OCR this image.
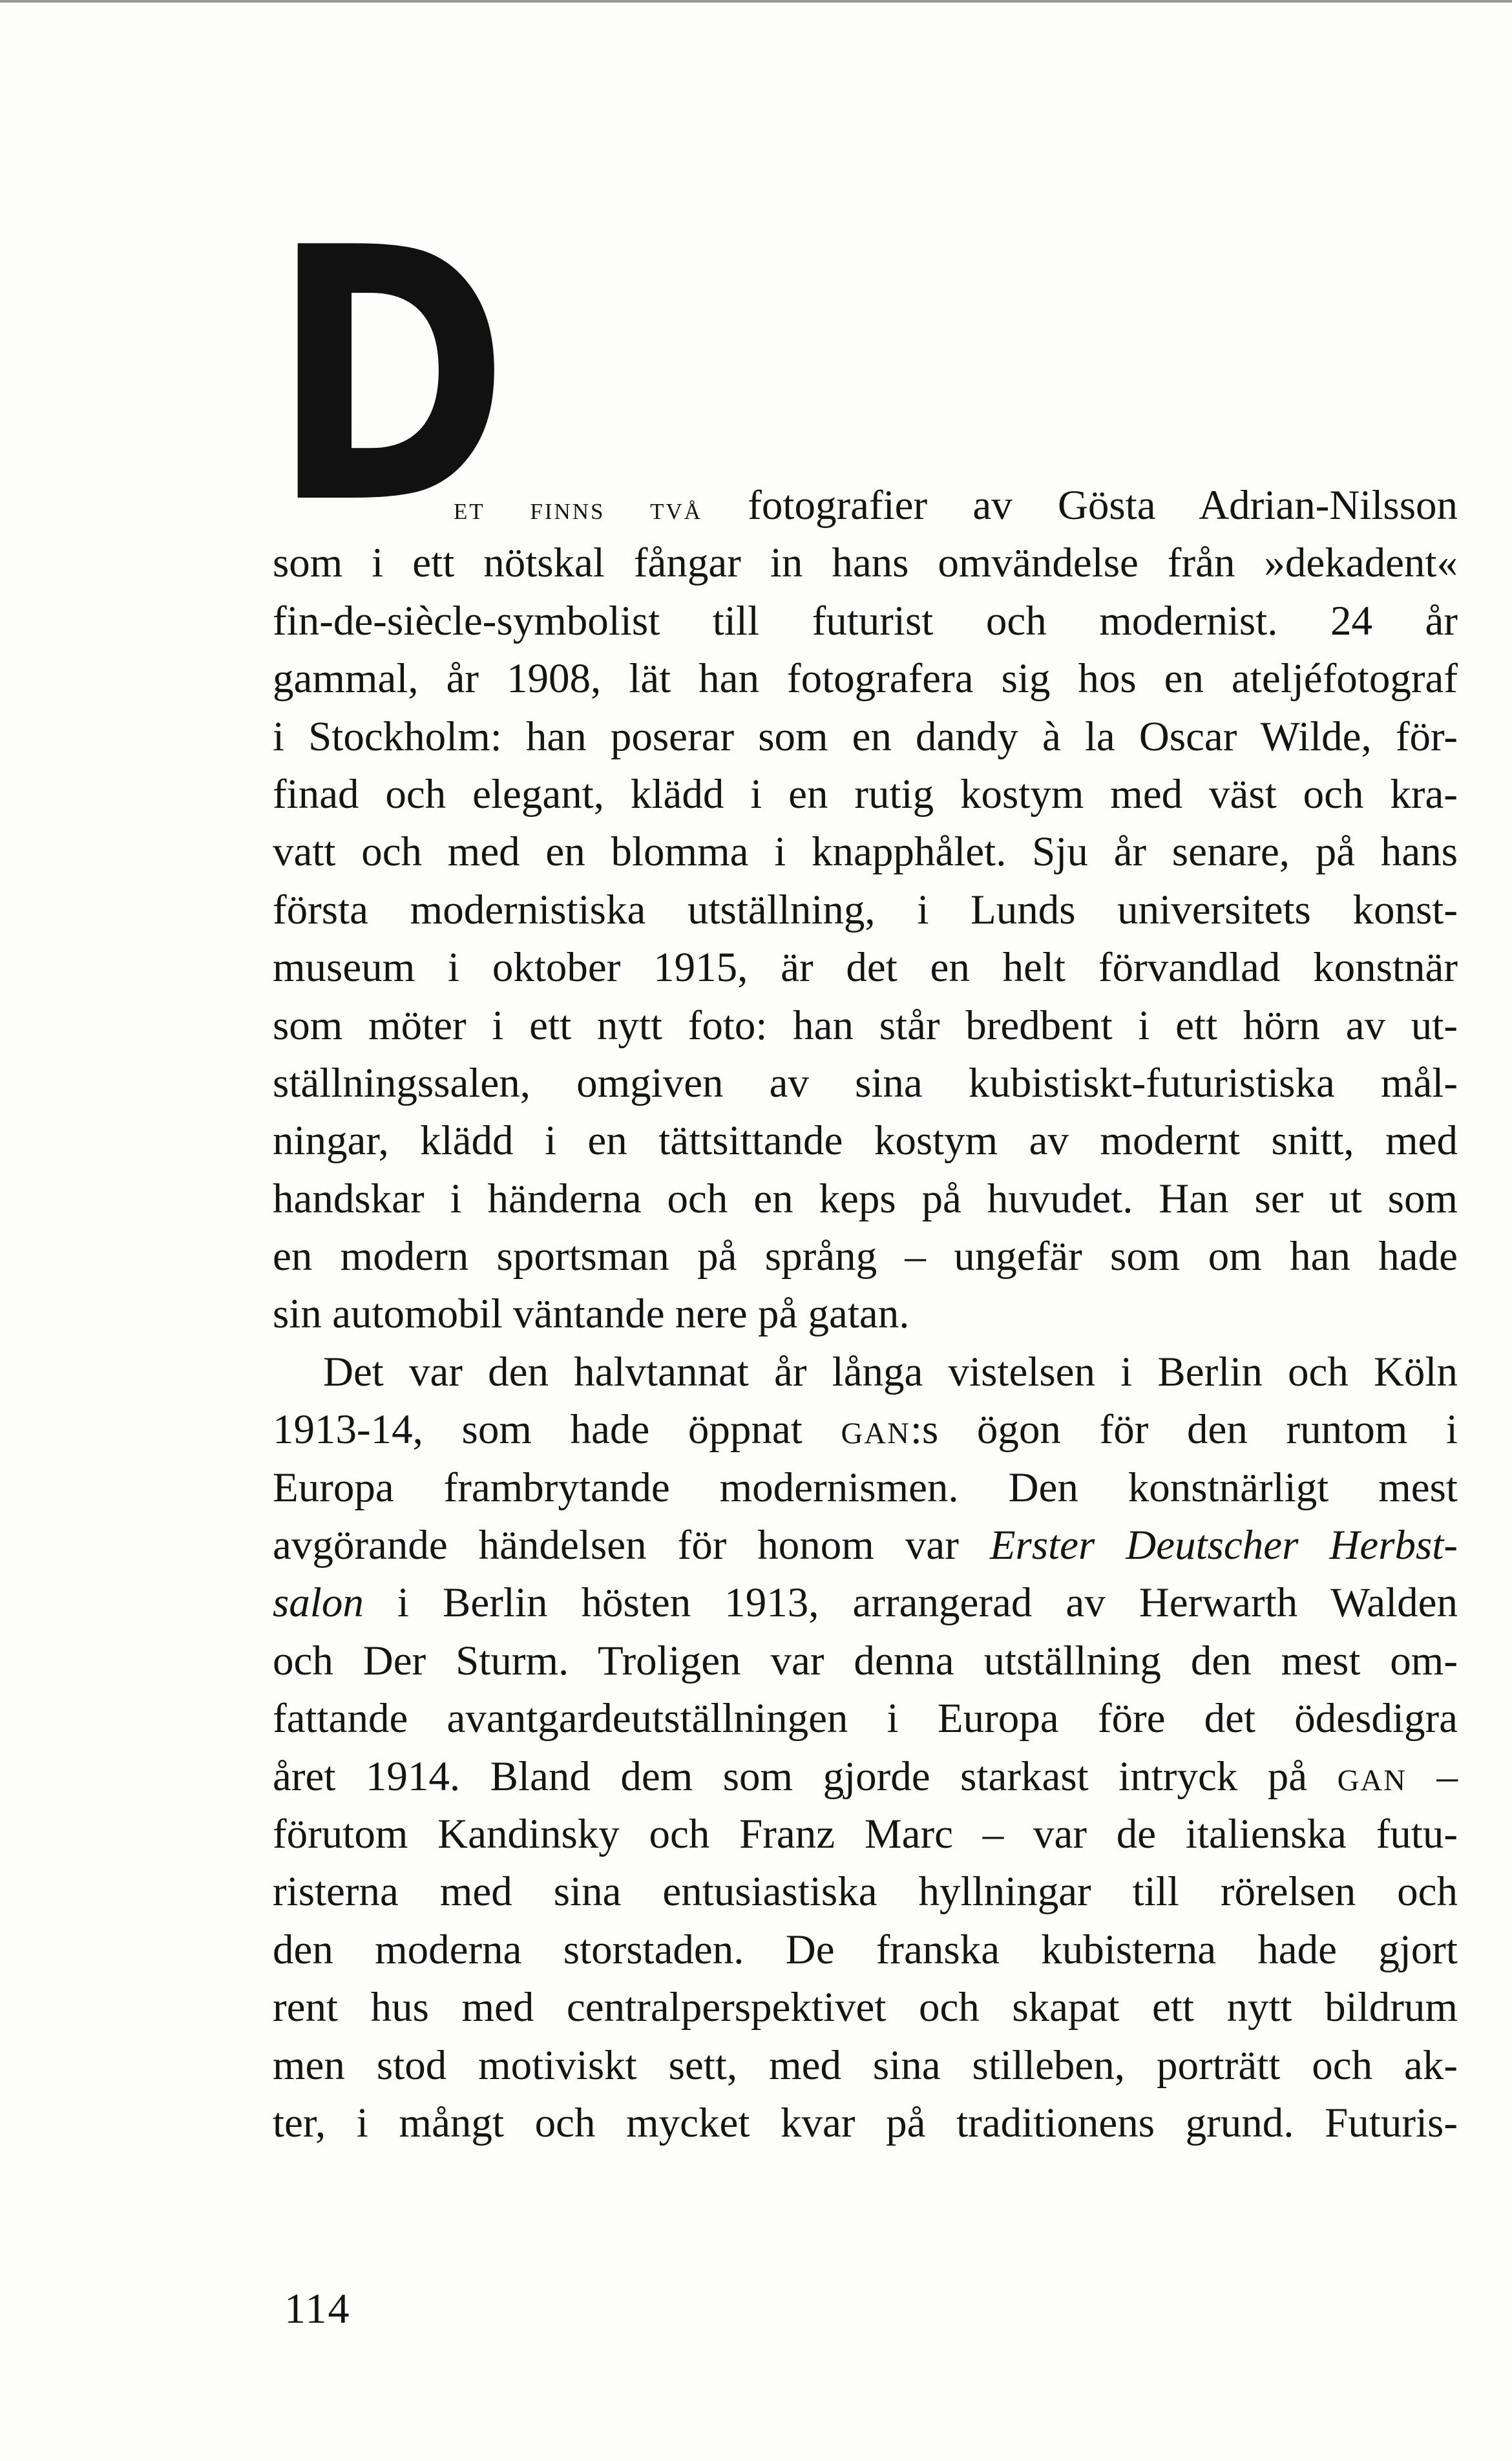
D
et finns två fotografier av Gösta Adrian-Nilsson
som i ett nötskal fångar in hans omvändelse från »dekadent«
fin-de-siècle-symbolist till futurist och modernist. 24 år
gammal, år 1908, lät han fotografera sig hos en ateljéfotograf
i Stockholm: han poserar som en dandy à la Oscar Wilde, för-
finad och elegant, klädd i en rutig kostym med väst och kra-
vatt och med en blomma i knapphålet. Sju år senare, på hans
första modernistiska utställning, i Lunds universitets konst-
museum i oktober 1915, är det en helt förvandlad konstnär
som möter i ett nytt foto: han står bredbent i ett hörn av ut-
ställningssalen, omgiven av sina kubistiskt-futuristiska mål-
ningar, klädd i en tättsittande kostym av modernt snitt, med
handskar i händerna och en keps på huvudet. Han ser ut som
en modern sportsman på språng – ungefär som om han hade
sin automobil väntande nere på gatan.
Det var den halvtannat år långa vistelsen i Berlin och Köln
1913-14, som hade öppnat GAN:s ögon för den runtom i
Europa frambrytande modernismen. Den konstnärligt mest
avgörande händelsen för honom var Erster Deutscher Herbst-
salon i Berlin hösten 1913, arrangerad av Herwarth Walden
och Der Sturm. Troligen var denna utställning den mest om-
fattande avantgardeutställningen i Europa före det ödesdigra
året 1914. Bland dem som gjorde starkast intryck på GAN –
förutom Kandinsky och Franz Marc – var de italienska futu-
risterna med sina entusiastiska hyllningar till rörelsen och
den moderna storstaden. De franska kubisterna hade gjort
rent hus med centralperspektivet och skapat ett nytt bildrum
men stod motiviskt sett, med sina stilleben, porträtt och ak-
ter, i mångt och mycket kvar på traditionens grund. Futuris-
114
